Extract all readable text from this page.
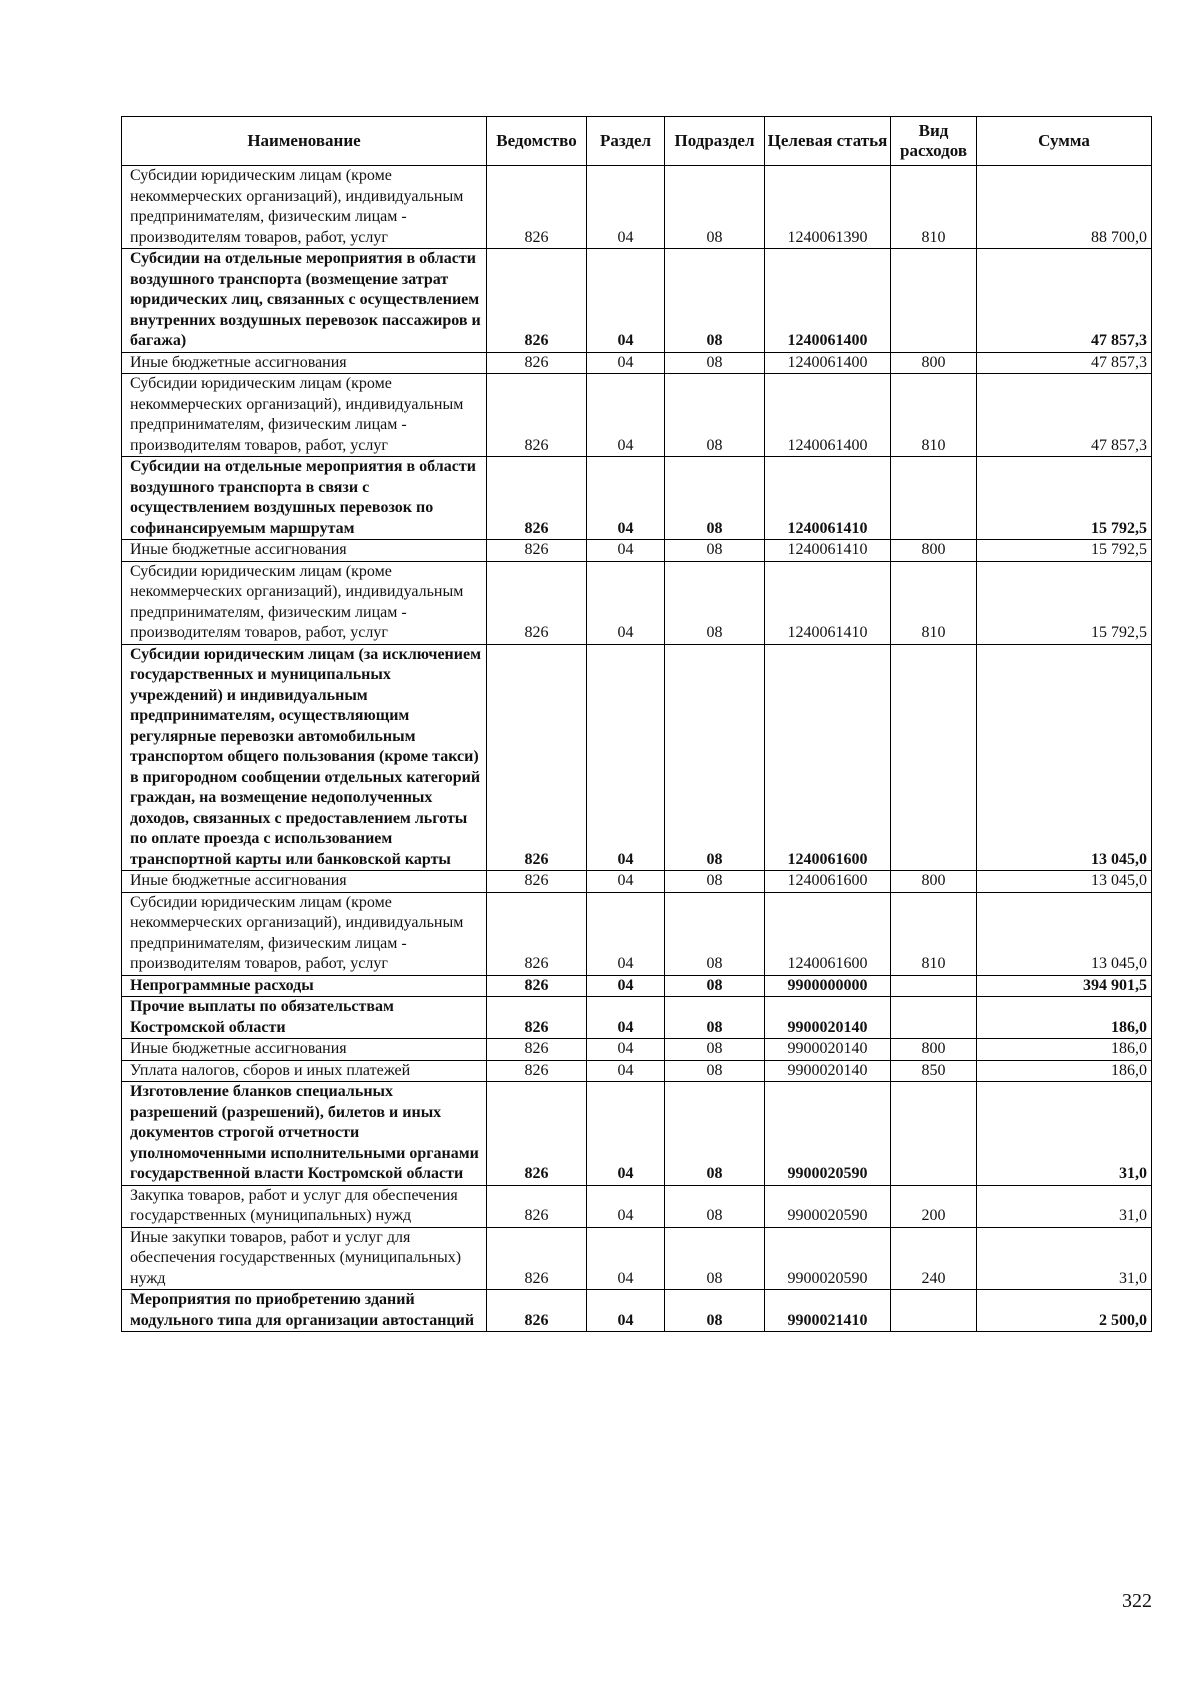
Наименование	Ведомство	Раздел	Подраздел	Целевая статья	Вид расходов	Сумма
Субсидии юридическим лицам (кроме некоммерческих организаций), индивидуальным предпринимателям, физическим лицам - производителям товаров, работ, услуг	826	04	08	1240061390	810	88 700,0
Субсидии на отдельные мероприятия в области воздушного транспорта (возмещение затрат юридических лиц, связанных с осуществлением внутренних воздушных перевозок пассажиров и багажа)	826	04	08	1240061400		47 857,3
Иные бюджетные ассигнования	826	04	08	1240061400	800	47 857,3
Субсидии юридическим лицам (кроме некоммерческих организаций), индивидуальным предпринимателям, физическим лицам - производителям товаров, работ, услуг	826	04	08	1240061400	810	47 857,3
Субсидии на отдельные мероприятия в области воздушного транспорта в связи с осуществлением воздушных перевозок по софинансируемым маршрутам	826	04	08	1240061410		15 792,5
Иные бюджетные ассигнования	826	04	08	1240061410	800	15 792,5
Субсидии юридическим лицам (кроме некоммерческих организаций), индивидуальным предпринимателям, физическим лицам - производителям товаров, работ, услуг	826	04	08	1240061410	810	15 792,5
Субсидии юридическим лицам (за исключением государственных и муниципальных учреждений) и индивидуальным предпринимателям, осуществляющим регулярные перевозки автомобильным транспортом общего пользования (кроме такси) в пригородном сообщении отдельных категорий граждан, на возмещение недополученных доходов, связанных с предоставлением льготы по оплате проезда с использованием транспортной карты или банковской карты	826	04	08	1240061600		13 045,0
Иные бюджетные ассигнования	826	04	08	1240061600	800	13 045,0
Субсидии юридическим лицам (кроме некоммерческих организаций), индивидуальным предпринимателям, физическим лицам - производителям товаров, работ, услуг	826	04	08	1240061600	810	13 045,0
Непрограммные расходы	826	04	08	9900000000		394 901,5
Прочие выплаты по обязательствам Костромской области	826	04	08	9900020140		186,0
Иные бюджетные ассигнования	826	04	08	9900020140	800	186,0
Уплата налогов, сборов и иных платежей	826	04	08	9900020140	850	186,0
Изготовление бланков специальных разрешений (разрешений), билетов и иных документов строгой отчетности уполномоченными исполнительными органами государственной власти Костромской области	826	04	08	9900020590		31,0
Закупка товаров, работ и услуг для обеспечения государственных (муниципальных) нужд	826	04	08	9900020590	200	31,0
Иные закупки товаров, работ и услуг для обеспечения государственных (муниципальных) нужд	826	04	08	9900020590	240	31,0
Мероприятия по приобретению зданий модульного типа для организации автостанций	826	04	08	9900021410		2 500,0
322
